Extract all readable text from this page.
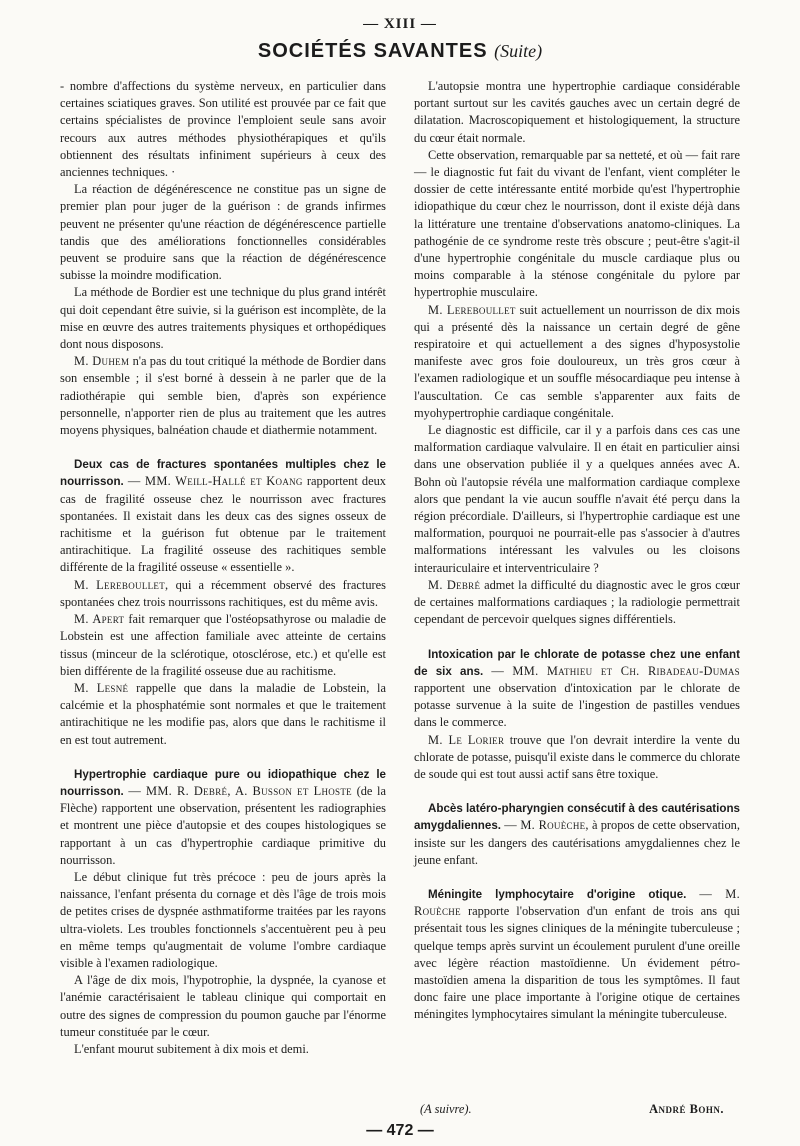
— XIII —
SOCIÉTÉS SAVANTES (Suite)

- nombre d'affections du système nerveux, en particulier dans certaines sciatiques graves. Son utilité est prouvée par ce fait que certains spécialistes de province l'emploient seule sans avoir recours aux autres méthodes physiothérapiques et qu'ils obtiennent des résultats infiniment supérieurs à ceux des anciennes techniques. ·

La réaction de dégénérescence ne constitue pas un signe de premier plan pour juger de la guérison : de grands infirmes peuvent ne présenter qu'une réaction de dégénérescence partielle tandis que des améliorations fonctionnelles considérables peuvent se produire sans que la réaction de dégénérescence subisse la moindre modification.

La méthode de Bordier est une technique du plus grand intérêt qui doit cependant être suivie, si la guérison est incomplète, de la mise en œuvre des autres traitements physiques et orthopédiques dont nous disposons.

M. Duhem n'a pas du tout critiqué la méthode de Bordier dans son ensemble ; il s'est borné à dessein à ne parler que de la radiothérapie qui semble bien, d'après son expérience personnelle, n'apporter rien de plus au traitement que les autres moyens physiques, balnéation chaude et diathermie notamment.

Deux cas de fractures spontanées multiples chez le nourrisson. — MM. Weill-Hallé et Koang rapportent deux cas de fragilité osseuse chez le nourrisson avec fractures spontanées. Il existait dans les deux cas des signes osseux de rachitisme et la guérison fut obtenue par le traitement antirachitique. La fragilité osseuse des rachitiques semble différente de la fragilité osseuse « essentielle ».

M. Lereboullet, qui a récemment observé des fractures spontanées chez trois nourrissons rachitiques, est du même avis.

M. Apert fait remarquer que l'ostéopsathyrose ou maladie de Lobstein est une affection familiale avec atteinte de certains tissus (minceur de la sclérotique, otosclérose, etc.) et qu'elle est bien différente de la fragilité osseuse due au rachitisme.

M. Lesné rappelle que dans la maladie de Lobstein, la calcémie et la phosphatémie sont normales et que le traitement antirachitique ne les modifie pas, alors que dans le rachitisme il en est tout autrement.

Hypertrophie cardiaque pure ou idiopathique chez le nourrisson. — MM. R. Debré, A. Busson et Lhoste (de la Flèche) rapportent une observation, présentent les radiographies et montrent une pièce d'autopsie et des coupes histologiques se rapportant à un cas d'hypertrophie cardiaque primitive du nourrisson.

Le début clinique fut très précoce : peu de jours après la naissance, l'enfant présenta du cornage et dès l'âge de trois mois de petites crises de dyspnée asthmatiforme traitées par les rayons ultra-violets. Les troubles fonctionnels s'accentuèrent peu à peu en même temps qu'augmentait de volume l'ombre cardiaque visible à l'examen radiologique.

A l'âge de dix mois, l'hypotrophie, la dyspnée, la cyanose et l'anémie caractérisaient le tableau clinique qui comportait en outre des signes de compression du poumon gauche par l'énorme tumeur constituée par le cœur.

L'enfant mourut subitement à dix mois et demi.

L'autopsie montra une hypertrophie cardiaque considérable portant surtout sur les cavités gauches avec un certain degré de dilatation. Macroscopiquement et histologiquement, la structure du cœur était normale.

Cette observation, remarquable par sa netteté, et où — fait rare — le diagnostic fut fait du vivant de l'enfant, vient compléter le dossier de cette intéressante entité morbide qu'est l'hypertrophie idiopathique du cœur chez le nourrisson, dont il existe déjà dans la littérature une trentaine d'observations anatomo-cliniques. La pathogénie de ce syndrome reste très obscure ; peut-être s'agit-il d'une hypertrophie congénitale du muscle cardiaque plus ou moins comparable à la sténose congénitale du pylore par hypertrophie musculaire.

M. Lereboullet suit actuellement un nourrisson de dix mois qui a présenté dès la naissance un certain degré de gêne respiratoire et qui actuellement a des signes d'hyposystolie manifeste avec gros foie douloureux, un très gros cœur à l'examen radiologique et un souffle mésocardiaque peu intense à l'auscultation. Ce cas semble s'apparenter aux faits de myohypertrophie cardiaque congénitale.

Le diagnostic est difficile, car il y a parfois dans ces cas une malformation cardiaque valvulaire. Il en était en particulier ainsi dans une observation publiée il y a quelques années avec A. Bohn où l'autopsie révéla une malformation cardiaque complexe alors que pendant la vie aucun souffle n'avait été perçu dans la région précordiale. D'ailleurs, si l'hypertrophie cardiaque est une malformation, pourquoi ne pourrait-elle pas s'associer à d'autres malformations intéressant les valvules ou les cloisons interauriculaire et interventriculaire ?

M. Debré admet la difficulté du diagnostic avec le gros cœur de certaines malformations cardiaques ; la radiologie permettrait cependant de percevoir quelques signes différentiels.

Intoxication par le chlorate de potasse chez une enfant de six ans. — MM. Mathieu et Ch. Ribadeau-Dumas rapportent une observation d'intoxication par le chlorate de potasse survenue à la suite de l'ingestion de pastilles vendues dans le commerce.

M. Le Lorier trouve que l'on devrait interdire la vente du chlorate de potasse, puisqu'il existe dans le commerce du chlorate de soude qui est tout aussi actif sans être toxique.

Abcès latéro-pharyngien consécutif à des cautérisations amygdaliennes. — M. Rouèche, à propos de cette observation, insiste sur les dangers des cautérisations amygdaliennes chez le jeune enfant.

Méningite lymphocytaire d'origine otique. — M. Rouèche rapporte l'observation d'un enfant de trois ans qui présentait tous les signes cliniques de la méningite tuberculeuse ; quelque temps après survint un écoulement purulent d'une oreille avec légère réaction mastoïdienne. Un évidement pétro-mastoïdien amena la disparition de tous les symptômes. Il faut donc faire une place importante à l'origine otique de certaines méningites lymphocytaires simulant la méningite tuberculeuse.

(A suivre).	André Bohn.
— 472 —
